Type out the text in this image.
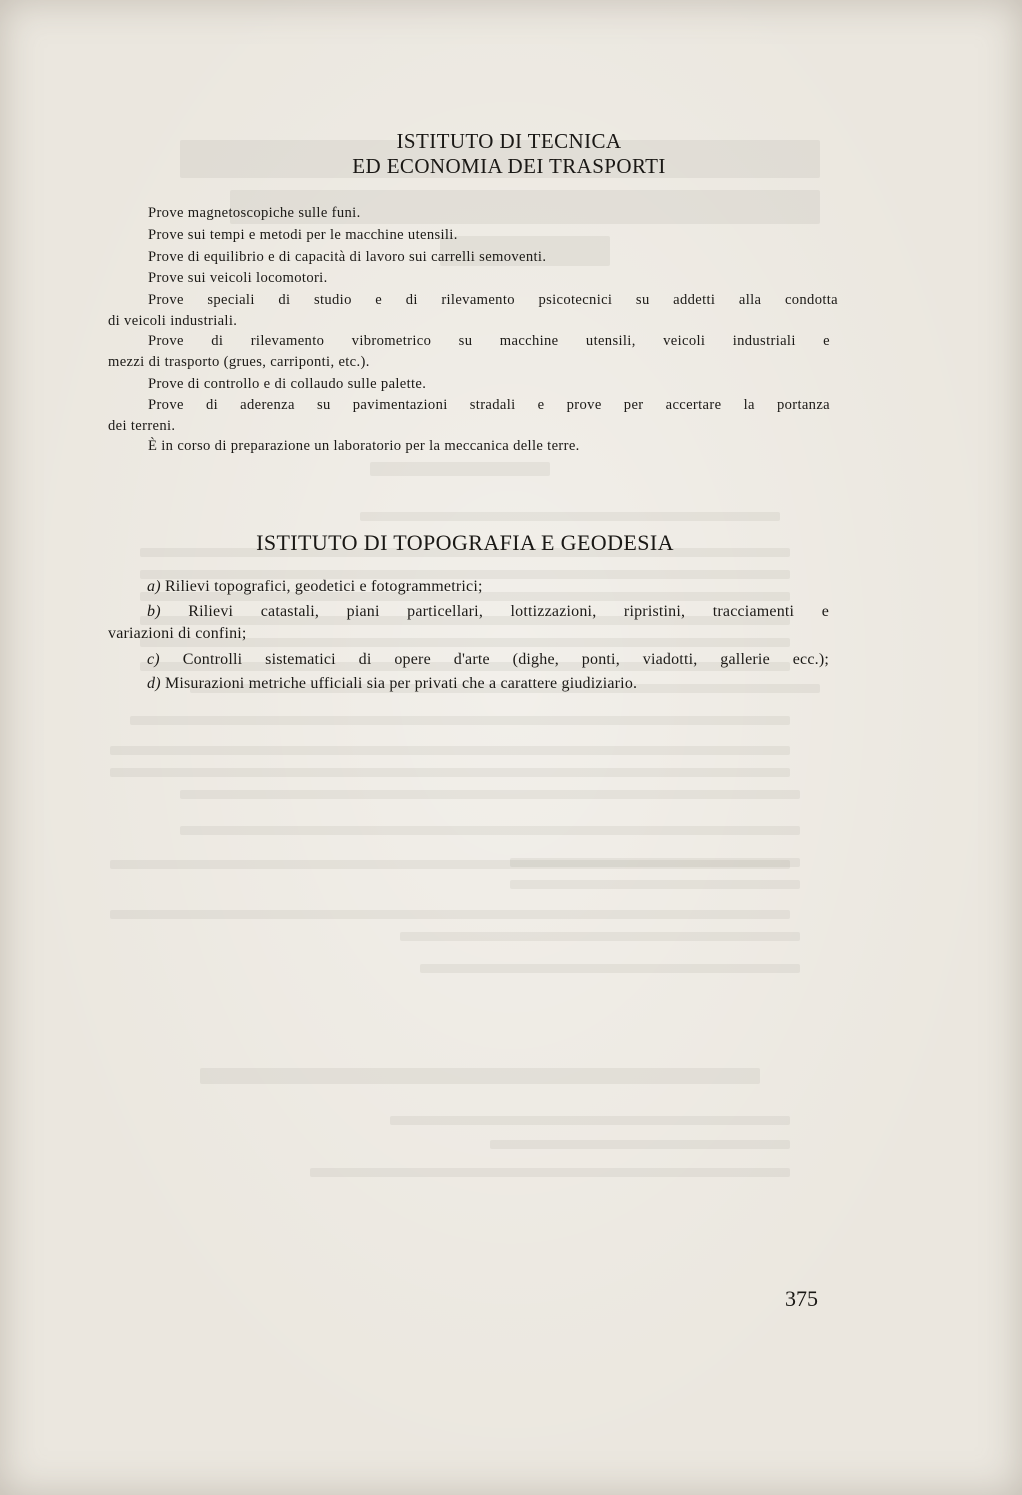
ISTITUTO DI TECNICA
ED ECONOMIA DEI TRASPORTI
Prove magnetoscopiche sulle funi.
Prove sui tempi e metodi per le macchine utensili.
Prove di equilibrio e di capacità di lavoro sui carrelli semoventi.
Prove sui veicoli locomotori.
Prove speciali di studio e di rilevamento psicotecnici su addetti alla condotta
di veicoli industriali.
Prove di rilevamento vibrometrico su macchine utensili, veicoli industriali e
mezzi di trasporto (grues, carriponti, etc.).
Prove di controllo e di collaudo sulle palette.
Prove di aderenza su pavimentazioni stradali e prove per accertare la portanza
dei terreni.
È in corso di preparazione un laboratorio per la meccanica delle terre.
ISTITUTO DI TOPOGRAFIA E GEODESIA
a) Rilievi topografici, geodetici e fotogrammetrici;
b) Rilievi catastali, piani particellari, lottizzazioni, ripristini, tracciamenti e
variazioni di confini;
c) Controlli sistematici di opere d'arte (dighe, ponti, viadotti, gallerie ecc.);
d) Misurazioni metriche ufficiali sia per privati che a carattere giudiziario.
375
